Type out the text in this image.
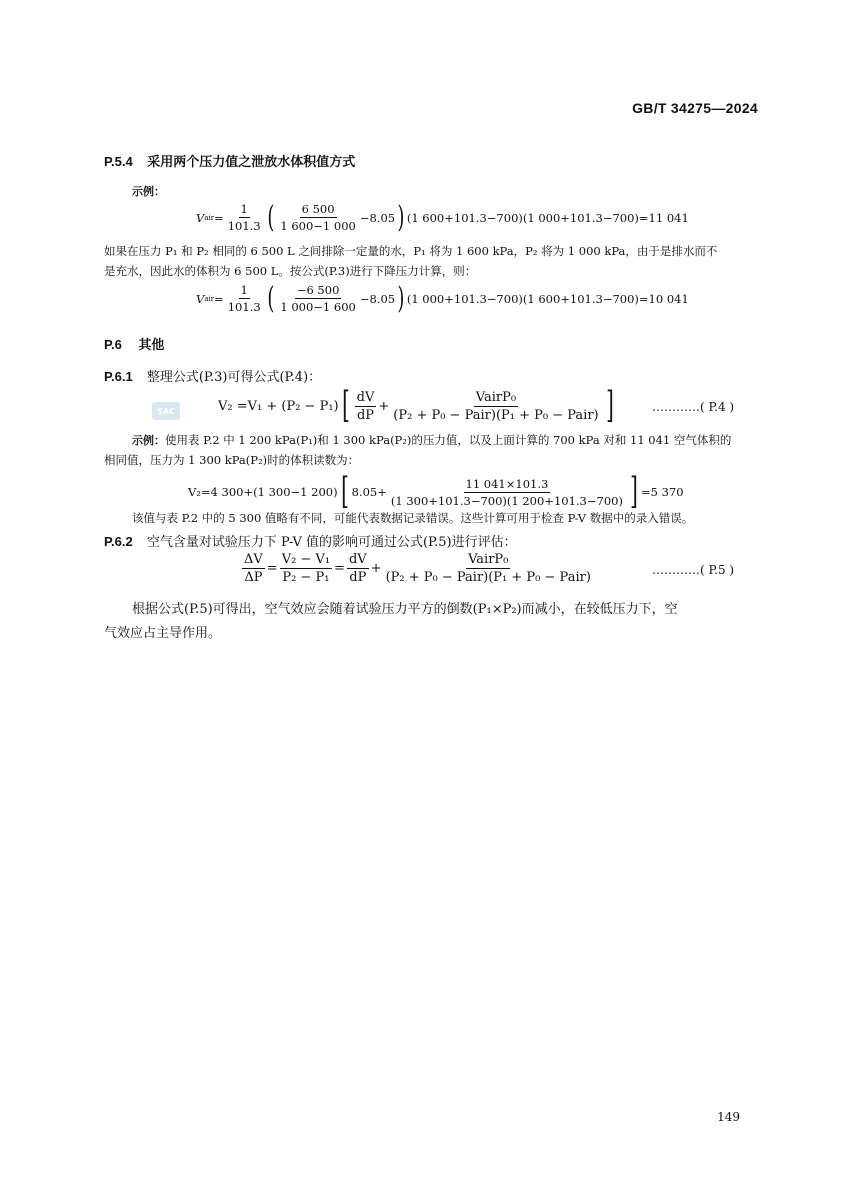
GB/T 34275—2024
P.5.4 采用两个压力值之泄放水体积值方式
示例：
V air = $\frac{1}{101.3}$ ( $\frac{6 500}{1 600-1 000} -8.05$ ) (1 600+101.3−700)(1 000+101.3−700)=11 041
如果在压力 P₁ 和 P₂ 相同的 6 500 L 之间排除一定量的水，P₁ 将为 1 600 kPa，P₂ 将为 1 000 kPa，由于是排水而不
是充水，因此水的体积为 6 500 L。按公式(P.3)进行下降压力计算，则：
V air = $\frac{1}{101.3}$ ( $\frac{-6 500}{1 000-1 600} -8.05$ ) (1 000+101.3−700)(1 600+101.3−700)=10 041
P.6 其他
P.6.1 整理公式(P.3)可得公式(P.4)：
SAC	V₂ =V₁ + (P₂ − P₁) [ $\frac{dV}{dP} + \frac{\text{VairP₀}}{\text{(P₂ + P₀ − Pair)(P₁ + P₀ − Pair)}}$ ]	…………( P.4 )
示例：使用表 P.2 中 1 200 kPa(P₁)和 1 300 kPa(P₂)的压力值，以及上面计算的 700 kPa 对和 11 041 空气体积的
相同值，压力为 1 300 kPa(P₂)时的体积读数为：
V₂=4 300+(1 300−1 200) [ $8.05+ \frac{11 041\times 101.3}{(1 300+101.3-700)(1 200+101.3-700)}$ ] =5 370
该值与表 P.2 中的 5 300 值略有不同，可能代表数据记录错误。这些计算可用于检查 P-V 数据中的录入错误。
P.6.2 空气含量对试验压力下 P-V 值的影响可通过公式(P.5)进行评估：
$\frac{\Delta V}{\Delta P} = \frac{\text{V₂ − V₁}}{\text{P₂ − P₁}} = \frac{dV}{dP} + \frac{\text{VairP₀}}{\text{(P₂ + P₀ − Pair)(P₁ + P₀ − Pair)}}$	…………( P.5 )
根据公式(P.5)可得出，空气效应会随着试验压力平方的倒数(P₁×P₂)而减小，在较低压力下，空
气效应占主导作用。
149
